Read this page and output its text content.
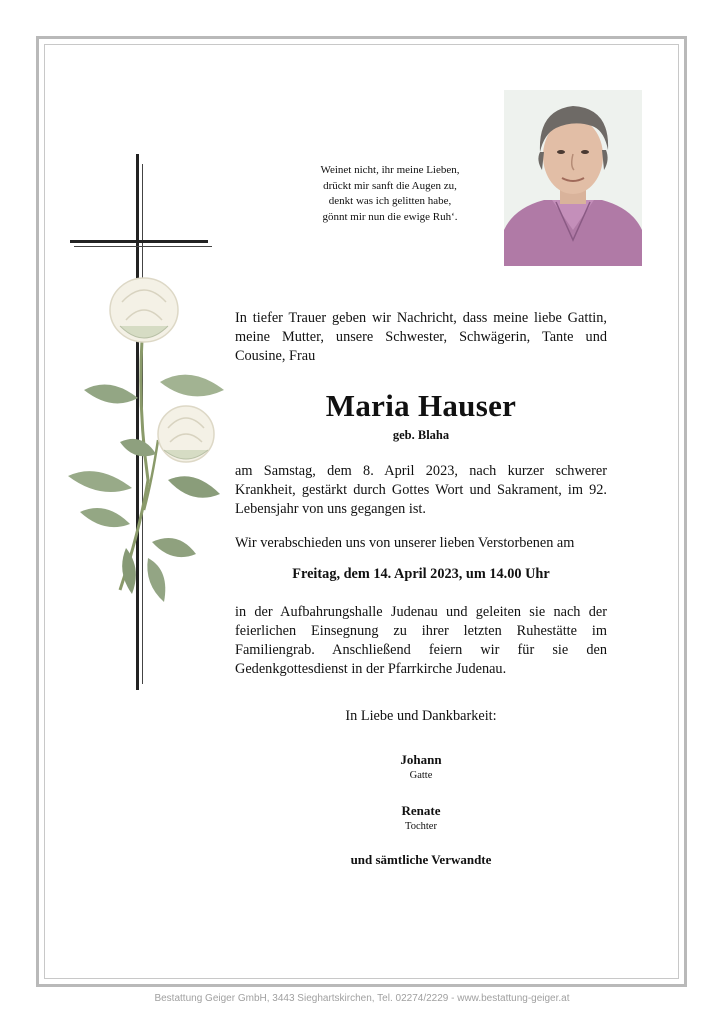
Weinet nicht, ihr meine Lieben,
drückt mir sanft die Augen zu,
denkt was ich gelitten habe,
gönnt mir nun die ewige Ruh‘.
In tiefer Trauer geben wir Nachricht, dass meine liebe Gattin, meine Mutter, unsere Schwester, Schwägerin, Tante und Cousine, Frau
Maria Hauser
geb. Blaha
am Samstag, dem 8. April 2023, nach kurzer schwerer Krankheit, gestärkt durch Gottes Wort und Sakrament, im 92. Lebensjahr von uns gegangen ist.
Wir verabschieden uns von unserer lieben Verstorbenen am
Freitag, dem 14. April 2023, um 14.00 Uhr
in der Aufbahrungshalle Judenau und geleiten sie nach der feierlichen Einsegnung zu ihrer letzten Ruhestätte im Familiengrab. Anschließend feiern wir für sie den Gedenkgottesdienst in der Pfarrkirche Judenau.
In Liebe und Dankbarkeit:
Johann
Gatte
Renate
Tochter
und sämtliche Verwandte
Bestattung Geiger GmbH, 3443 Sieghartskirchen, Tel. 02274/2229 - www.bestattung-geiger.at
